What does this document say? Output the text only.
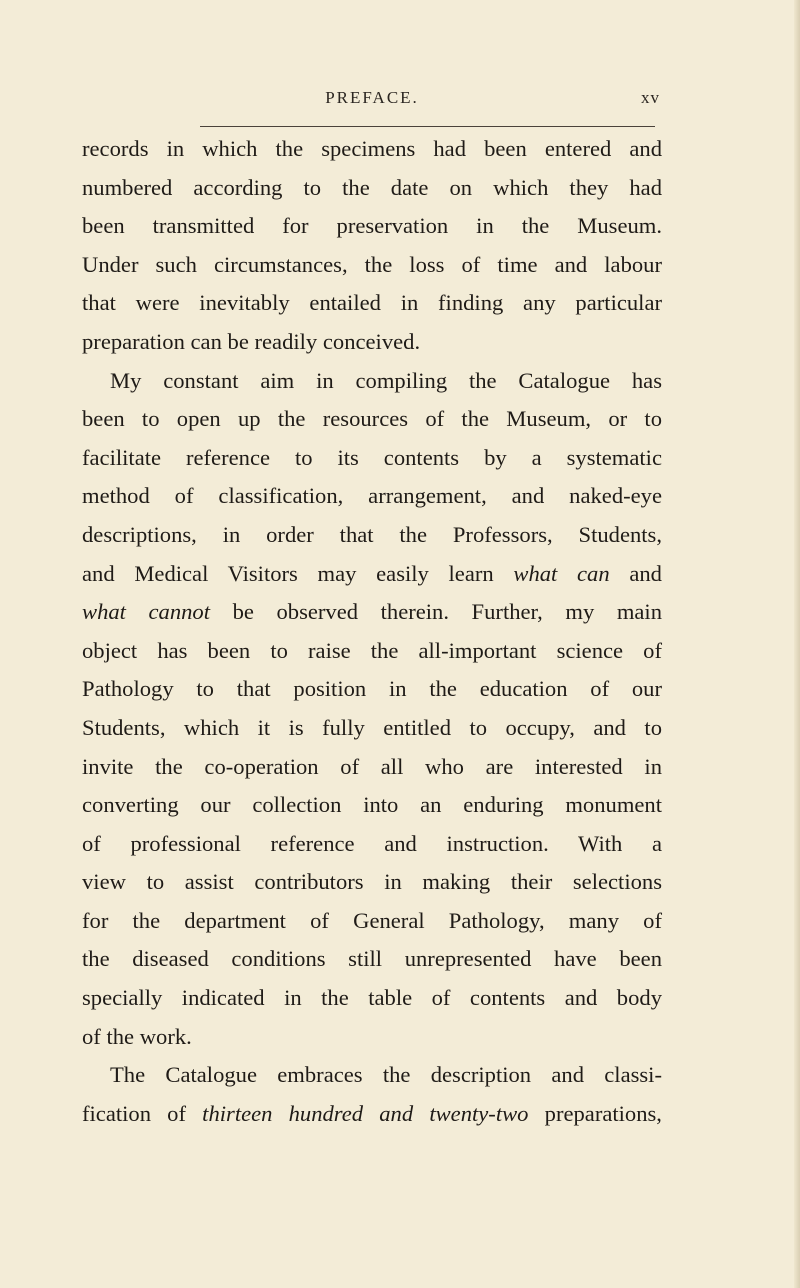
PREFACE.	xv
records in which the specimens had been entered and
numbered according to the date on which they had
been transmitted for preservation in the Museum.
Under such circumstances, the loss of time and labour
that were inevitably entailed in finding any particular
preparation can be readily conceived.
My constant aim in compiling the Catalogue has
been to open up the resources of the Museum, or to
facilitate reference to its contents by a systematic
method of classification, arrangement, and naked-eye
descriptions, in order that the Professors, Students,
and Medical Visitors may easily learn what can and
what cannot be observed therein. Further, my main
object has been to raise the all-important science of
Pathology to that position in the education of our
Students, which it is fully entitled to occupy, and to
invite the co-operation of all who are interested in
converting our collection into an enduring monument
of professional reference and instruction. With a
view to assist contributors in making their selections
for the department of General Pathology, many of
the diseased conditions still unrepresented have been
specially indicated in the table of contents and body
of the work.
The Catalogue embraces the description and classi-
fication of thirteen hundred and twenty-two preparations,
